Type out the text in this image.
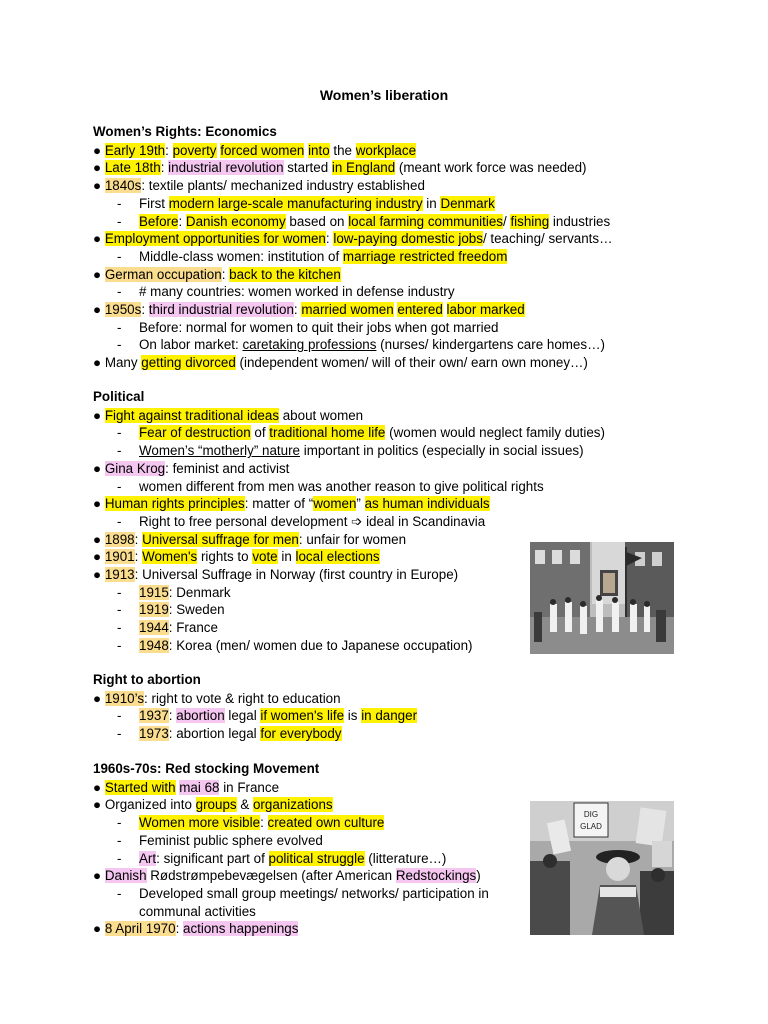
Women’s liberation
Women’s Rights: Economics
● Early 19th: poverty forced women into the workplace
● Late 18th: industrial revolution started in England (meant work force was needed)
● 1840s: textile plants/ mechanized industry established
- First modern large-scale manufacturing industry in Denmark
- Before: Danish economy based on local farming communities/ fishing industries
● Employment opportunities for women: low-paying domestic jobs/ teaching/ servants…
- Middle-class women: institution of marriage restricted freedom
● German occupation: back to the kitchen
- # many countries: women worked in defense industry
● 1950s: third industrial revolution: married women entered labor marked
- Before: normal for women to quit their jobs when got married
- On labor market: caretaking professions (nurses/ kindergartens care homes…)
● Many getting divorced (independent women/ will of their own/ earn own money…)
Political
● Fight against traditional ideas about women
- Fear of destruction of traditional home life (women would neglect family duties)
- Women’s “motherly” nature important in politics (especially in social issues)
● Gina Krog: feminist and activist
- women different from men was another reason to give political rights
● Human rights principles: matter of “women” as human individuals
- Right to free personal development ➩ ideal in Scandinavia
● 1898: Universal suffrage for men: unfair for women
● 1901: Women's rights to vote in local elections
● 1913: Universal Suffrage in Norway (first country in Europe)
- 1915: Denmark
- 1919: Sweden
- 1944: France
- 1948: Korea (men/ women due to Japanese occupation)
Right to abortion
● 1910’s: right to vote & right to education
- 1937: abortion legal if women's life is in danger
- 1973: abortion legal for everybody
1960s-70s: Red stocking Movement
● Started with mai 68 in France
● Organized into groups & organizations
- Women more visible: created own culture
- Feminist public sphere evolved
- Art: significant part of political struggle (litterature…)
● Danish Rødstrømpebevægelsen (after American Redstockings)
- Developed small group meetings/ networks/ participation in
communal activities
● 8 April 1970: actions happenings
DIG
GLAD
